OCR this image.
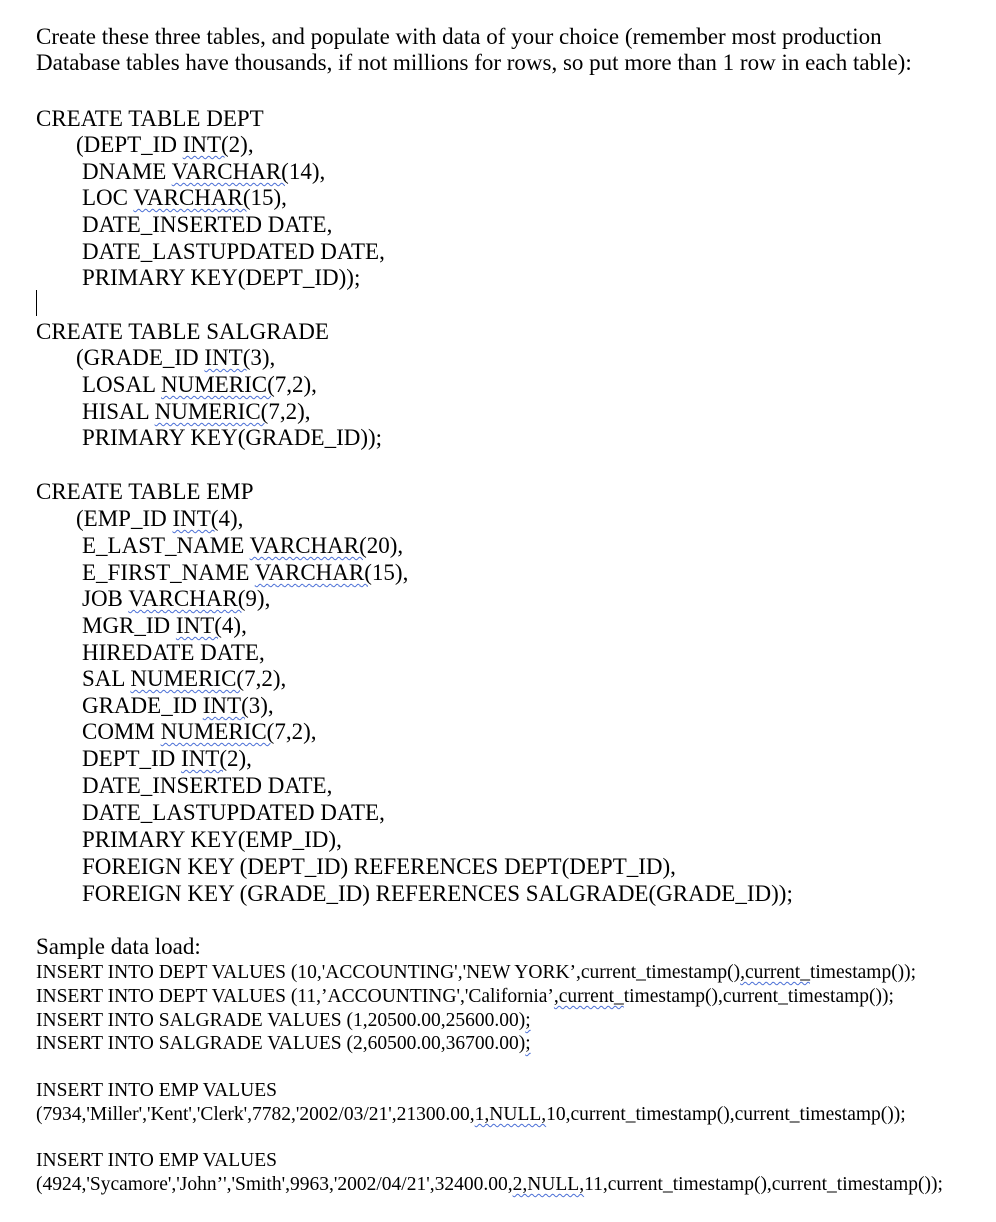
Create these three tables, and populate with data of your choice (remember most production
Database tables have thousands, if not millions for rows, so put more than 1 row in each table):
CREATE TABLE DEPT
(DEPT_ID INT(2),
DNAME VARCHAR(14),
LOC VARCHAR(15),
DATE_INSERTED DATE,
DATE_LASTUPDATED DATE,
PRIMARY KEY(DEPT_ID));
CREATE TABLE SALGRADE
(GRADE_ID INT(3),
LOSAL NUMERIC(7,2),
HISAL NUMERIC(7,2),
PRIMARY KEY(GRADE_ID));
CREATE TABLE EMP
(EMP_ID INT(4),
E_LAST_NAME VARCHAR(20),
E_FIRST_NAME VARCHAR(15),
JOB VARCHAR(9),
MGR_ID INT(4),
HIREDATE DATE,
SAL NUMERIC(7,2),
GRADE_ID INT(3),
COMM NUMERIC(7,2),
DEPT_ID INT(2),
DATE_INSERTED DATE,
DATE_LASTUPDATED DATE,
PRIMARY KEY(EMP_ID),
FOREIGN KEY (DEPT_ID) REFERENCES DEPT(DEPT_ID),
FOREIGN KEY (GRADE_ID) REFERENCES SALGRADE(GRADE_ID));
Sample data load:
INSERT INTO DEPT VALUES (10,'ACCOUNTING','NEW YORK’,current_timestamp(),current_timestamp());
INSERT INTO DEPT VALUES (11,’ACCOUNTING','California’,current_timestamp(),current_timestamp());
INSERT INTO SALGRADE VALUES (1,20500.00,25600.00);
INSERT INTO SALGRADE VALUES (2,60500.00,36700.00);
INSERT INTO EMP VALUES
(7934,'Miller','Kent','Clerk',7782,'2002/03/21',21300.00,1,NULL,10,current_timestamp(),current_timestamp());
INSERT INTO EMP VALUES
(4924,'Sycamore','John’','Smith',9963,'2002/04/21',32400.00,2,NULL,11,current_timestamp(),current_timestamp());
